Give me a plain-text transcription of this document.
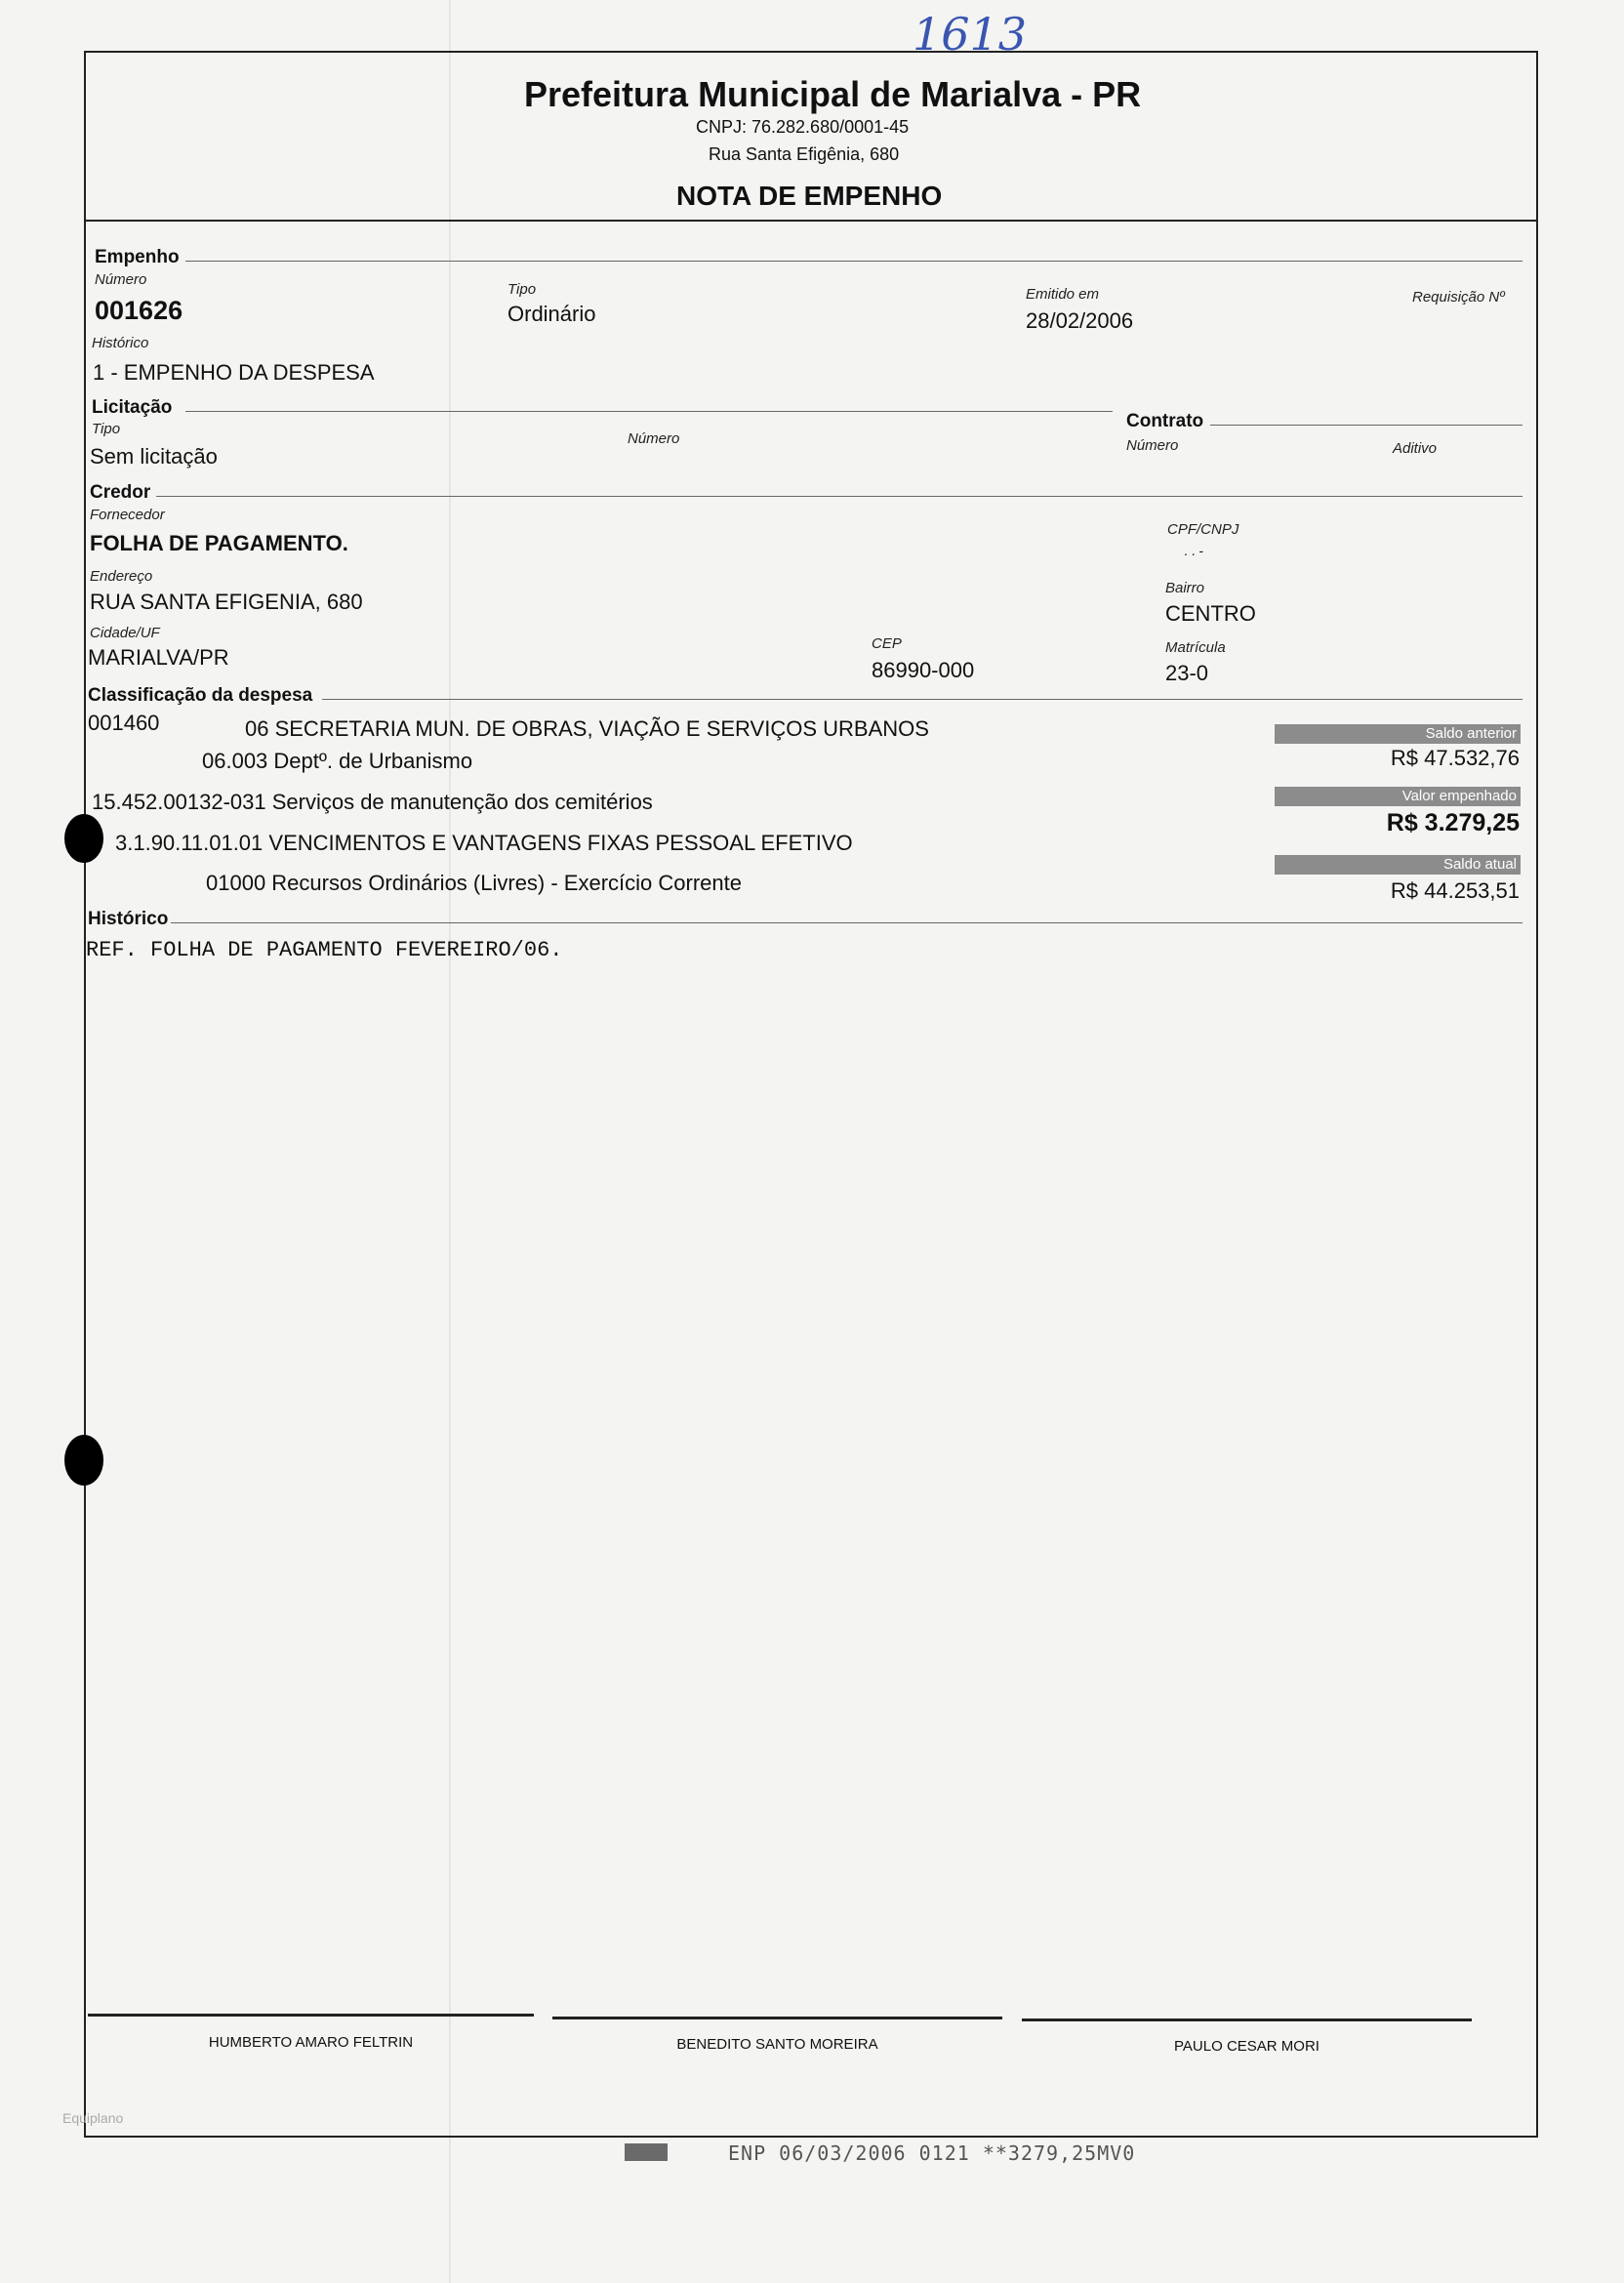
1613
Prefeitura Municipal de Marialva - PR
CNPJ: 76.282.680/0001-45
Rua Santa Efigênia, 680
NOTA DE EMPENHO
Empenho
Número
001626
Tipo
Ordinário
Emitido em
28/02/2006
Requisição Nº
Histórico
1 - EMPENHO DA DESPESA
Licitação
Tipo
Sem licitação
Número
Contrato
Número	Aditivo
Credor
Fornecedor
FOLHA DE PAGAMENTO.
CPF/CNPJ
. . -
Endereço
RUA SANTA EFIGENIA, 680
Bairro
CENTRO
Cidade/UF
MARIALVA/PR
CEP
86990-000
Matrícula
23-0
Classificação da despesa
001460	06 SECRETARIA MUN. DE OBRAS, VIAÇÃO E SERVIÇOS URBANOS
06.003 Deptº. de Urbanismo
15.452.00132-031 Serviços de manutenção dos cemitérios
3.1.90.11.01.01 VENCIMENTOS E VANTAGENS FIXAS PESSOAL EFETIVO
01000 Recursos Ordinários (Livres) - Exercício Corrente
Saldo anterior
R$ 47.532,76
Valor empenhado
R$ 3.279,25
Saldo atual
R$ 44.253,51
Histórico
REF. FOLHA DE PAGAMENTO FEVEREIRO/06.
HUMBERTO AMARO FELTRIN	BENEDITO SANTO MOREIRA	PAULO CESAR MORI
Equiplano
ENP 06/03/2006 0121 **3279,25MV0
